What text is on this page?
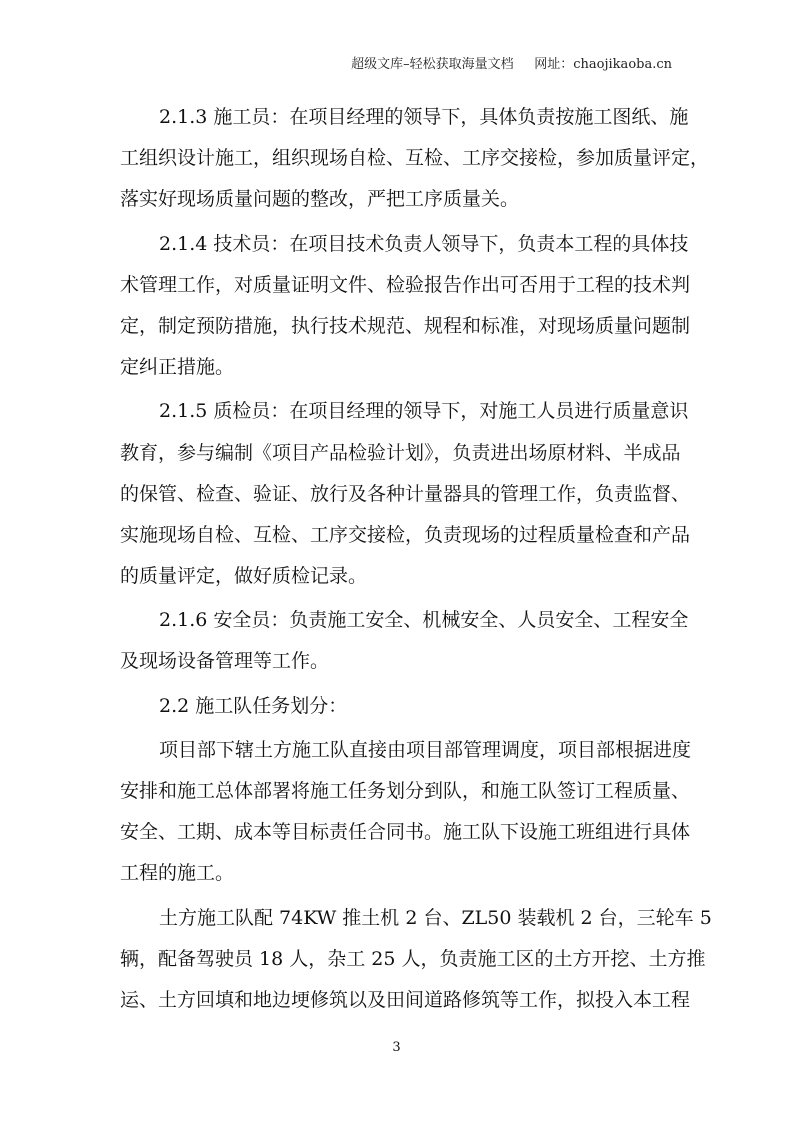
超级文库–轻松获取海量文档 网址：chaojikaoba.cn
2.1.3 施工员：在项目经理的领导下，具体负责按施工图纸、施
工组织设计施工，组织现场自检、互检、工序交接检，参加质量评定，
落实好现场质量问题的整改，严把工序质量关。
2.1.4 技术员：在项目技术负责人领导下，负责本工程的具体技
术管理工作，对质量证明文件、检验报告作出可否用于工程的技术判
定，制定预防措施，执行技术规范、规程和标准，对现场质量问题制
定纠正措施。
2.1.5 质检员：在项目经理的领导下，对施工人员进行质量意识
教育，参与编制《项目产品检验计划》，负责进出场原材料、半成品
的保管、检查、验证、放行及各种计量器具的管理工作，负责监督、
实施现场自检、互检、工序交接检，负责现场的过程质量检查和产品
的质量评定，做好质检记录。
2.1.6 安全员：负责施工安全、机械安全、人员安全、工程安全
及现场设备管理等工作。
2.2 施工队任务划分：
项目部下辖土方施工队直接由项目部管理调度，项目部根据进度
安排和施工总体部署将施工任务划分到队，和施工队签订工程质量、
安全、工期、成本等目标责任合同书。施工队下设施工班组进行具体
工程的施工。
土方施工队配 74KW 推土机 2 台、ZL50 装载机 2 台，三轮车 5
辆，配备驾驶员 18 人，杂工 25 人，负责施工区的土方开挖、土方推
运、土方回填和地边埂修筑以及田间道路修筑等工作，拟投入本工程
3
